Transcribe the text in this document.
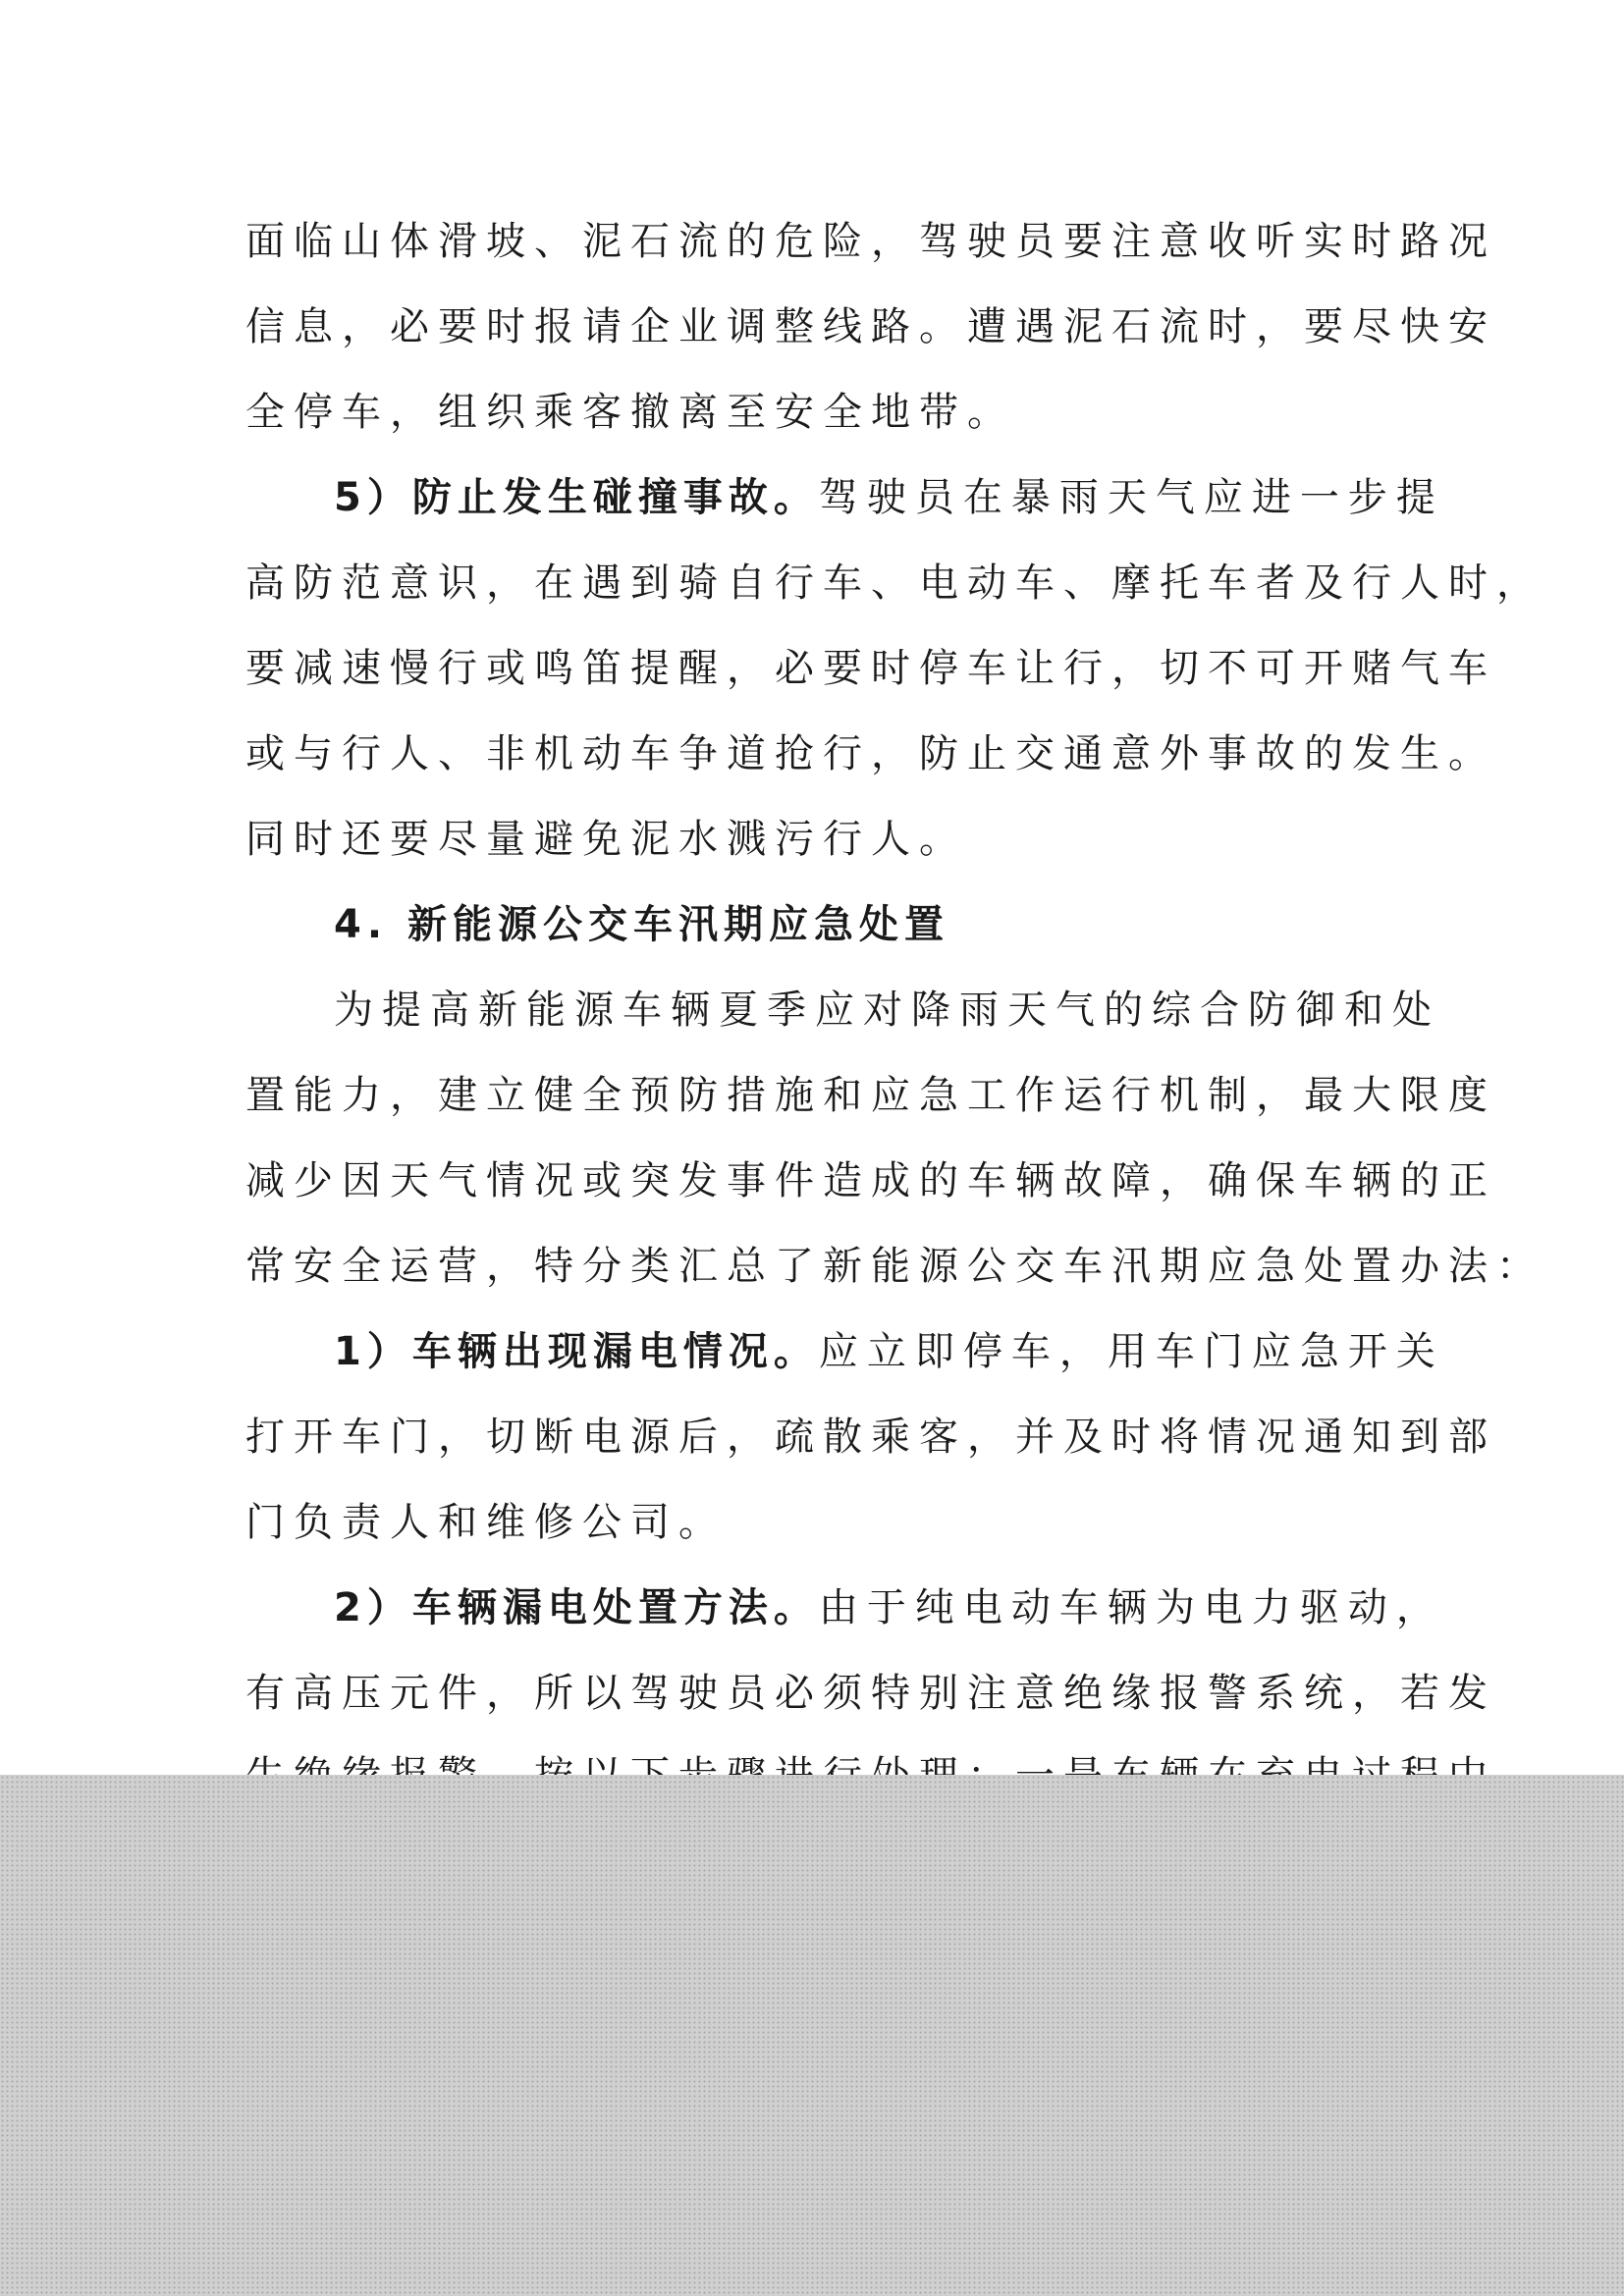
面临山体滑坡、泥石流的危险，驾驶员要注意收听实时路况
信息，必要时报请企业调整线路。遭遇泥石流时，要尽快安
全停车，组织乘客撤离至安全地带。
5）防止发生碰撞事故。驾驶员在暴雨天气应进一步提
高防范意识，在遇到骑自行车、电动车、摩托车者及行人时，
要减速慢行或鸣笛提醒，必要时停车让行，切不可开赌气车
或与行人、非机动车争道抢行，防止交通意外事故的发生。
同时还要尽量避免泥水溅污行人。
4. 新能源公交车汛期应急处置
为提高新能源车辆夏季应对降雨天气的综合防御和处
置能力，建立健全预防措施和应急工作运行机制，最大限度
减少因天气情况或突发事件造成的车辆故障，确保车辆的正
常安全运营，特分类汇总了新能源公交车汛期应急处置办法：
1）车辆出现漏电情况。应立即停车，用车门应急开关
打开车门，切断电源后，疏散乘客，并及时将情况通知到部
门负责人和维修公司。
2）车辆漏电处置方法。由于纯电动车辆为电力驱动，
有高压元件，所以驾驶员必须特别注意绝缘报警系统，若发
